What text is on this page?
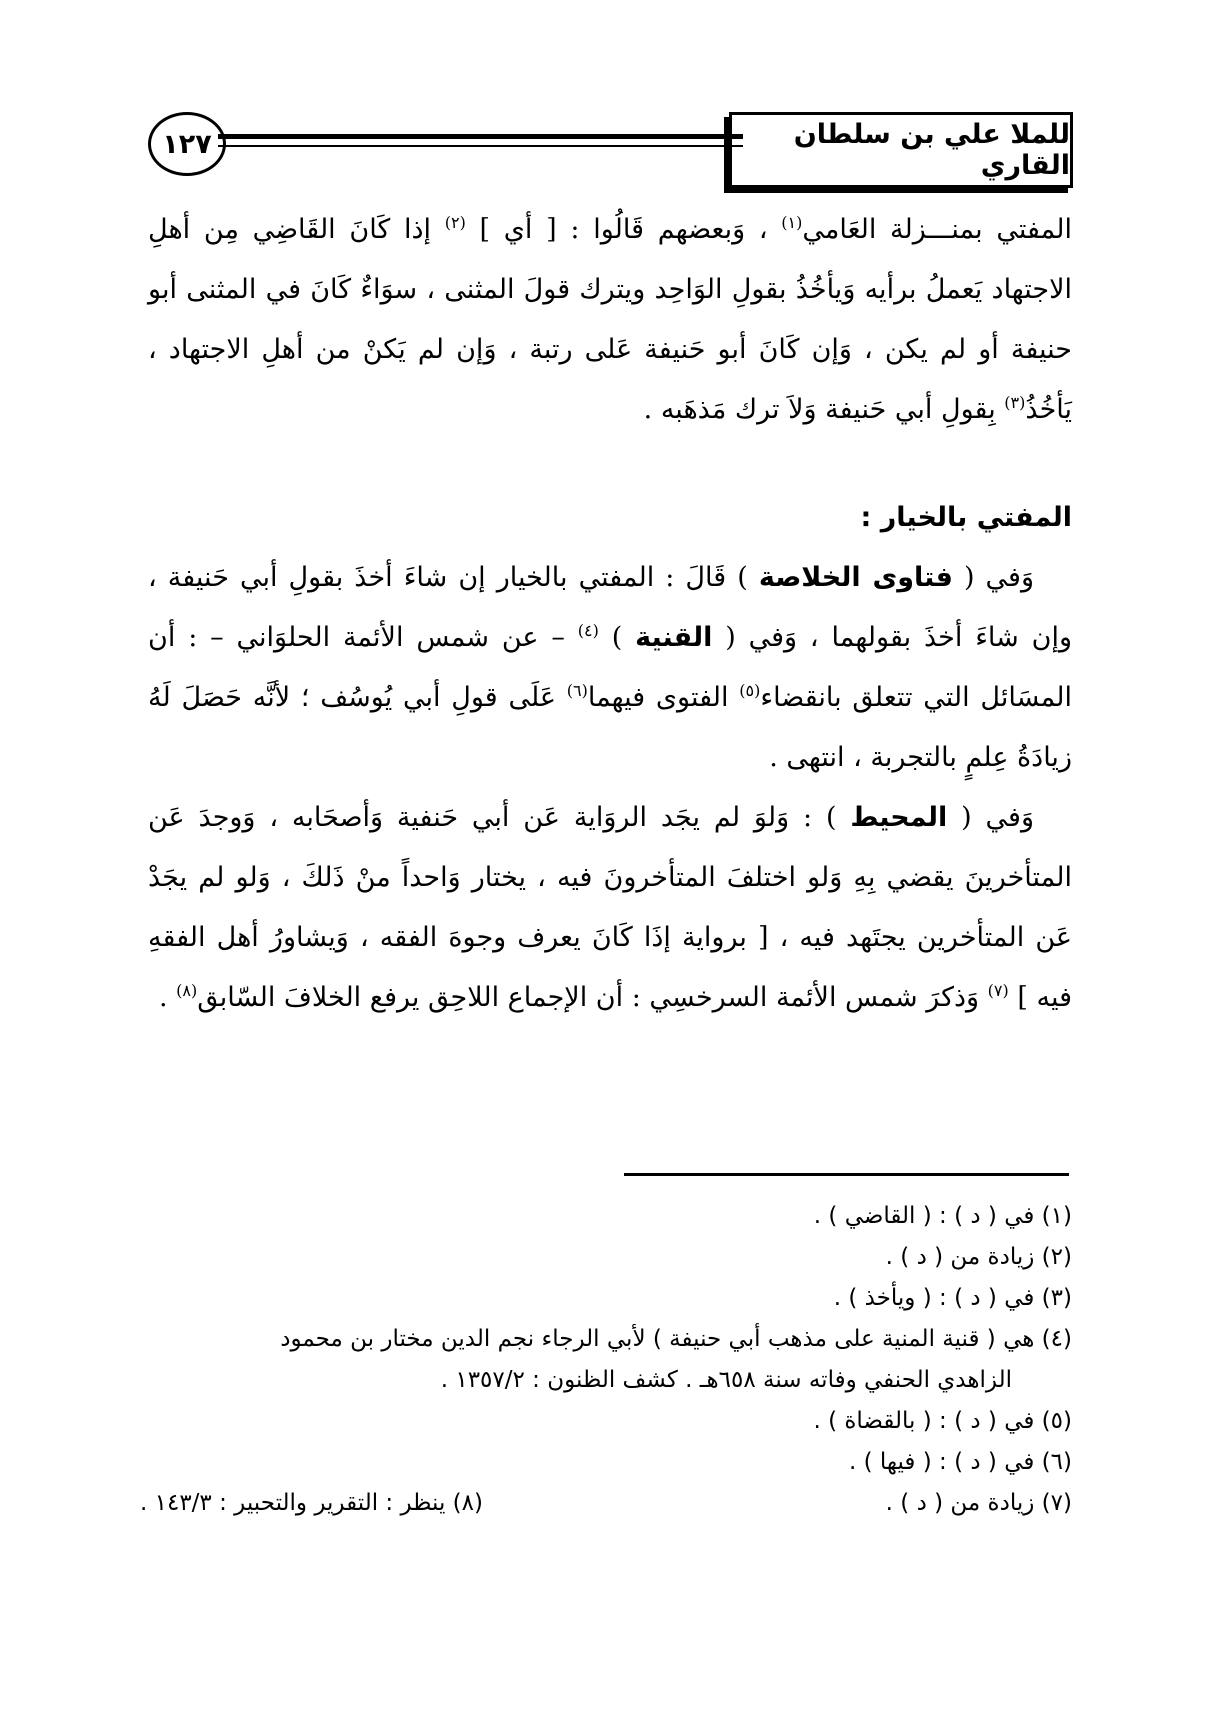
للملا علي بن سلطان القاري
١٢٧

المفتي بمنـــزلة العَامي$^{(١)}$ ، وَبعضهم قَالُوا : [ أي ] $^{(٢)}$ إذا كَانَ القَاضِي مِن أهلِ الاجتهاد يَعملُ برأيه وَيأخُذُ بقولِ الوَاحِد ويترك قولَ المثنى ، سوَاءٌ كَانَ في المثنى أبو حنيفة أو لم يكن ، وَإن كَانَ أبو حَنيفة عَلى رتبة ، وَإن لم يَكنْ من أهلِ الاجتهاد ، يَأخُذُ$^{(٣)}$ بِقولِ أبي حَنيفة وَلاَ ترك مَذهَبه .

المفتي بالخيار :

وَفي ( فتاوى الخلاصة ) قَالَ : المفتي بالخيار إن شاءَ أخذَ بقولِ أبي حَنيفة ، وإن شاءَ أخذَ بقولهما ، وَفي ( القنية ) $^{(٤)}$ – عن شمس الأئمة الحلوَاني – : أن المسَائل التي تتعلق بانقضاء$^{(٥)}$ الفتوى فيهما$^{(٦)}$ عَلَى قولِ أبي يُوسُف ؛ لأنَّه حَصَلَ لَهُ زيادَةُ عِلمٍ بالتجربة ، انتهى .

وَفي ( المحيط ) : وَلوَ لم يجَد الروَاية عَن أبي حَنفية وَأصحَابه ، وَوجدَ عَن المتأخرينَ يقضي بِهِ وَلو اختلفَ المتأخرونَ فيه ، يختار وَاحداً منْ ذَلكَ ، وَلو لم يجَدْ عَن المتأخرين يجتَهد فيه ، [ برواية إذَا كَانَ يعرف وجوهَ الفقه ، وَيشاورُ أهل الفقهِ فيه ] $^{(٧)}$ وَذكرَ شمس الأئمة السرخسِي : أن الإجماع اللاحِق يرفع الخلافَ السّابق$^{(٨)}$ .

(١) في ( د ) : ( القاضي ) .

(٢) زيادة من ( د ) .

(٣) في ( د ) : ( ويأخذ ) .

(٤) هي ( قنية المنية على مذهب أبي حنيفة ) لأبي الرجاء نجم الدين مختار بن محمود

الزاهدي الحنفي وفاته سنة ٦٥٨هـ . كشف الظنون : ١٣٥٧/٢ .

(٥) في ( د ) : ( بالقضاة ) .

(٦) في ( د ) : ( فيها ) .

(٧) زيادة من ( د ) .
(٨) ينظر : التقرير والتحبير : ١٤٣/٣ .
